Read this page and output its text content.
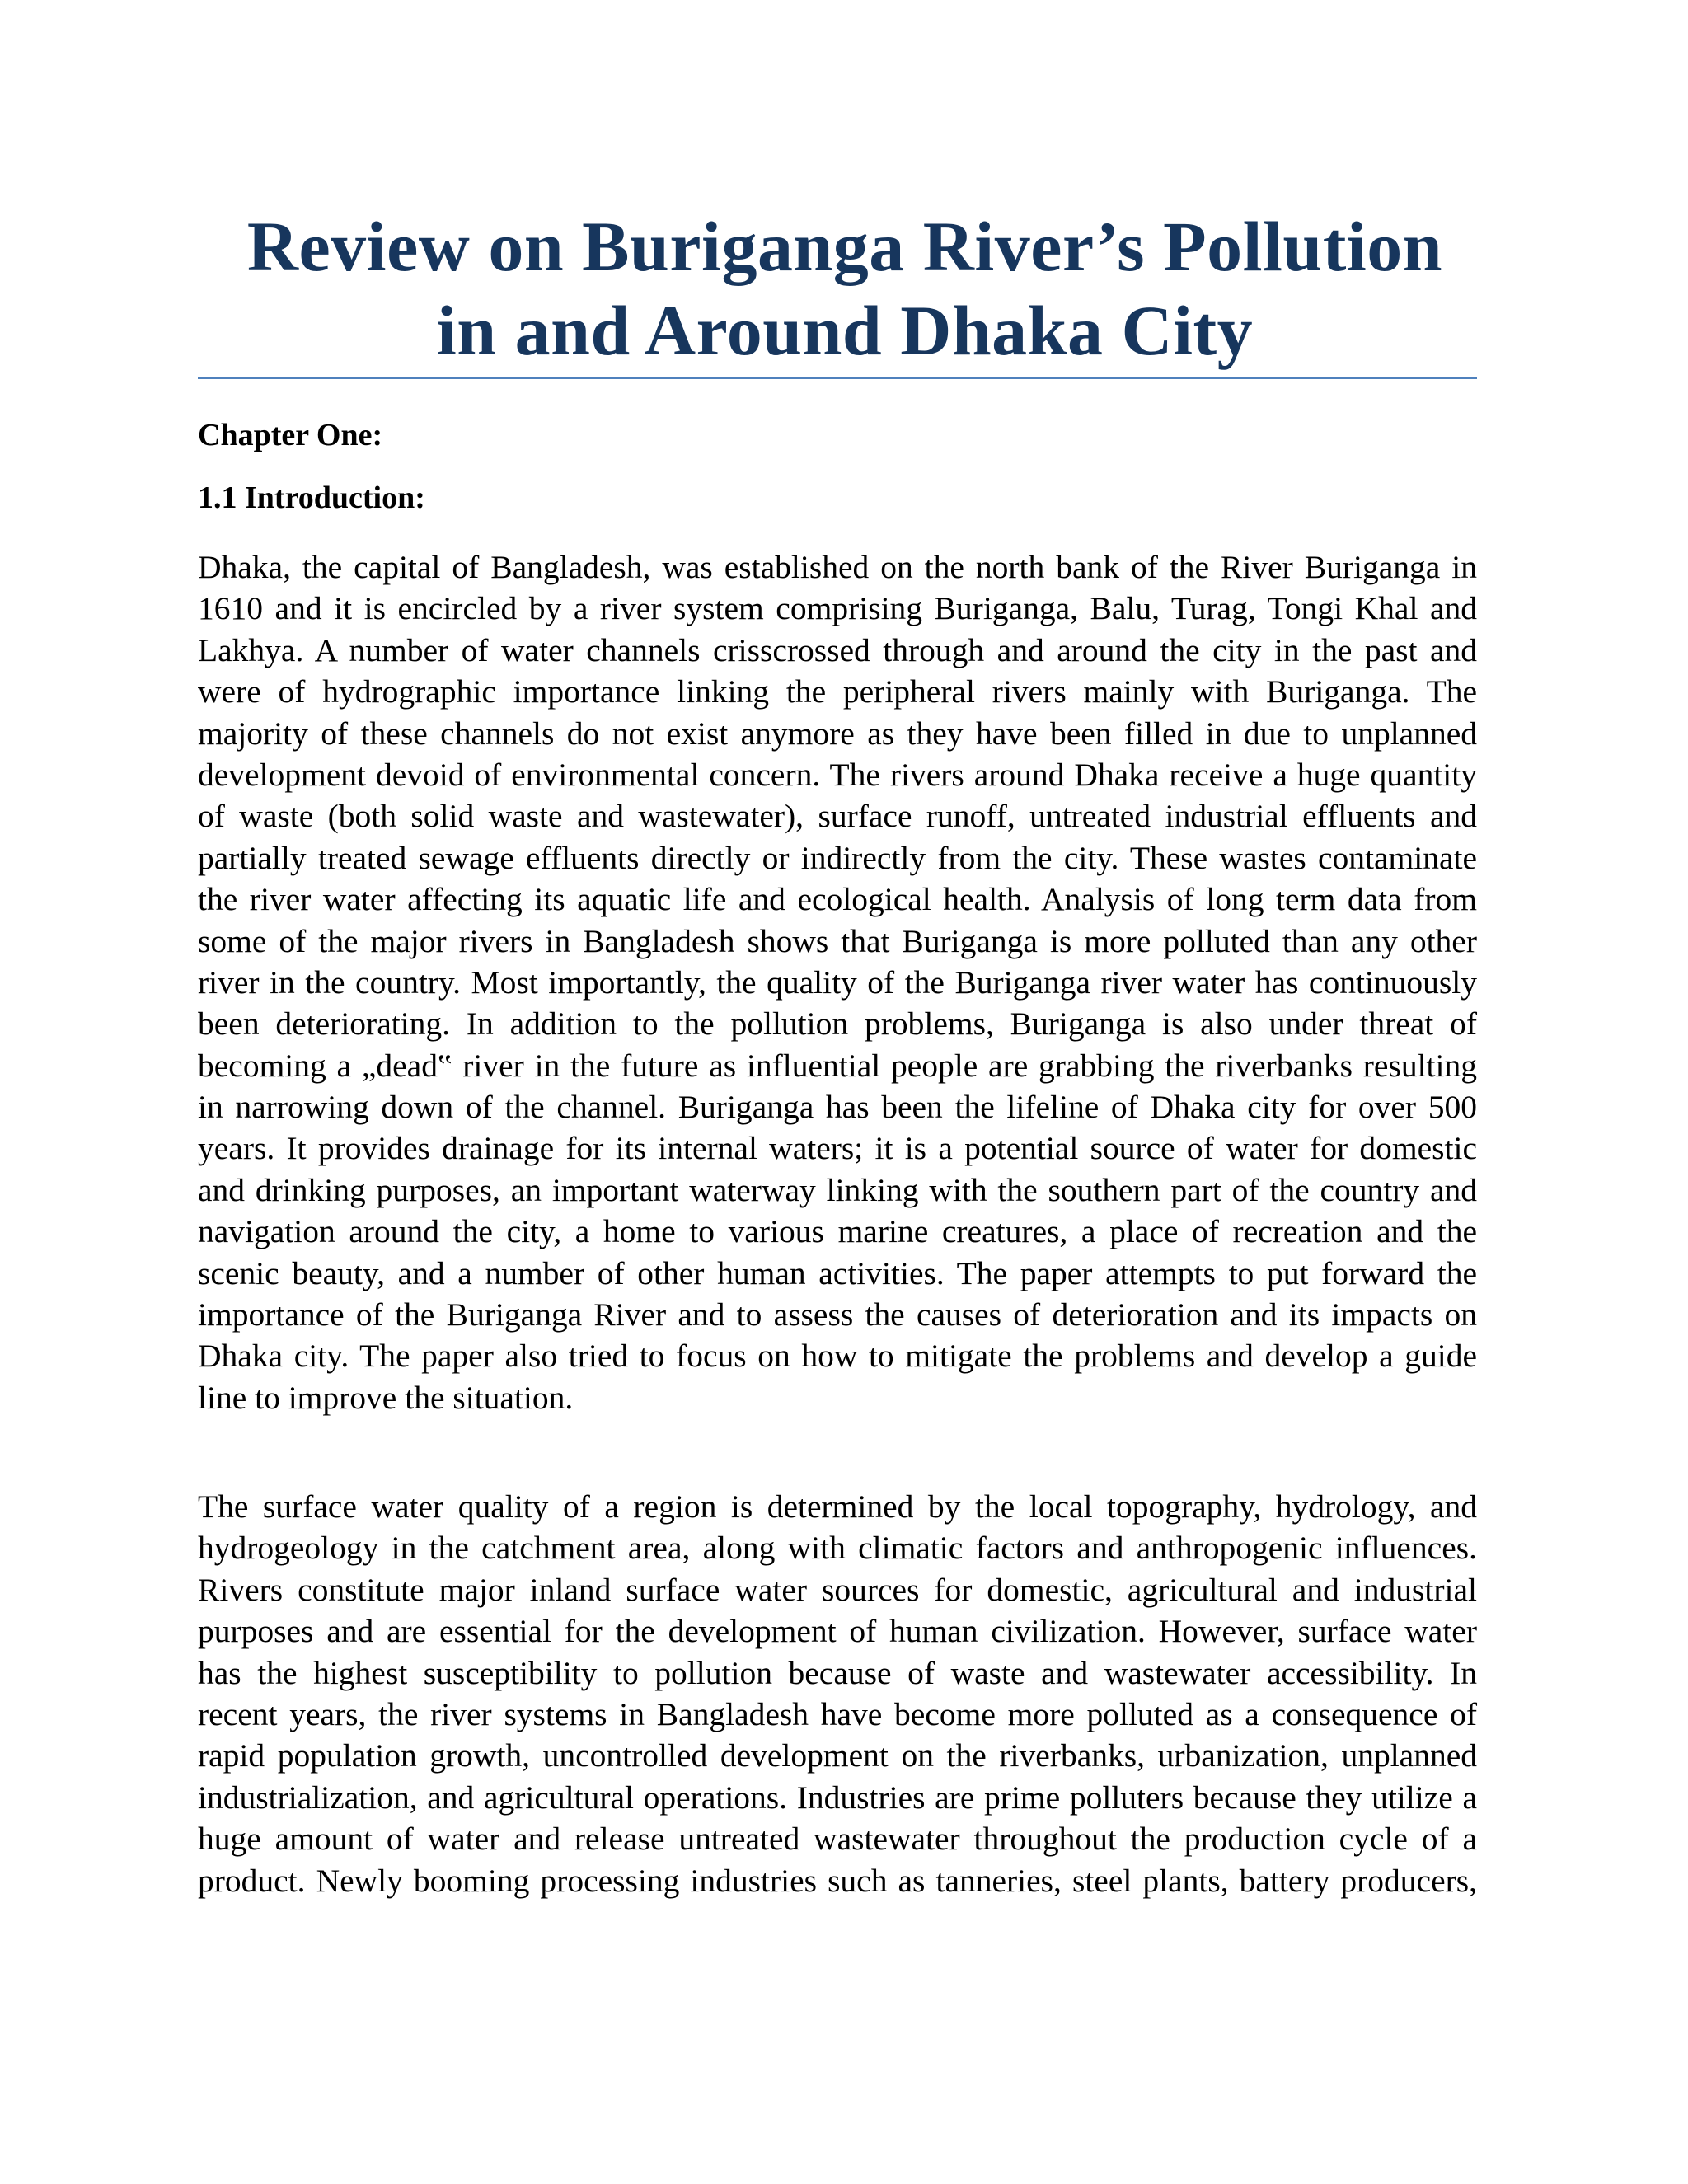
Review on Buriganga River’s Pollution
in and Around Dhaka City
Chapter One:
1.1 Introduction:
Dhaka, the capital of Bangladesh, was established on the north bank of the River Buriganga in
1610 and it is encircled by a river system comprising Buriganga, Balu, Turag, Tongi Khal and
Lakhya. A number of water channels crisscrossed through and around the city in the past and
were of hydrographic importance linking the peripheral rivers mainly with Buriganga. The
majority of these channels do not exist anymore as they have been filled in due to unplanned
development devoid of environmental concern. The rivers around Dhaka receive a huge quantity
of waste (both solid waste and wastewater), surface runoff, untreated industrial effluents and
partially treated sewage effluents directly or indirectly from the city. These wastes contaminate
the river water affecting its aquatic life and ecological health. Analysis of long term data from
some of the major rivers in Bangladesh shows that Buriganga is more polluted than any other
river in the country. Most importantly, the quality of the Buriganga river water has continuously
been deteriorating. In addition to the pollution problems, Buriganga is also under threat of
becoming a „dead‟ river in the future as influential people are grabbing the riverbanks resulting
in narrowing down of the channel. Buriganga has been the lifeline of Dhaka city for over 500
years. It provides drainage for its internal waters; it is a potential source of water for domestic
and drinking purposes, an important waterway linking with the southern part of the country and
navigation around the city, a home to various marine creatures, a place of recreation and the
scenic beauty, and a number of other human activities. The paper attempts to put forward the
importance of the Buriganga River and to assess the causes of deterioration and its impacts on
Dhaka city. The paper also tried to focus on how to mitigate the problems and develop a guide
line to improve the situation.
The surface water quality of a region is determined by the local topography, hydrology, and
hydrogeology in the catchment area, along with climatic factors and anthropogenic influences.
Rivers constitute major inland surface water sources for domestic, agricultural and industrial
purposes and are essential for the development of human civilization. However, surface water
has the highest susceptibility to pollution because of waste and wastewater accessibility. In
recent years, the river systems in Bangladesh have become more polluted as a consequence of
rapid population growth, uncontrolled development on the riverbanks, urbanization, unplanned
industrialization, and agricultural operations. Industries are prime polluters because they utilize a
huge amount of water and release untreated wastewater throughout the production cycle of a
product. Newly booming processing industries such as tanneries, steel plants, battery producers,
